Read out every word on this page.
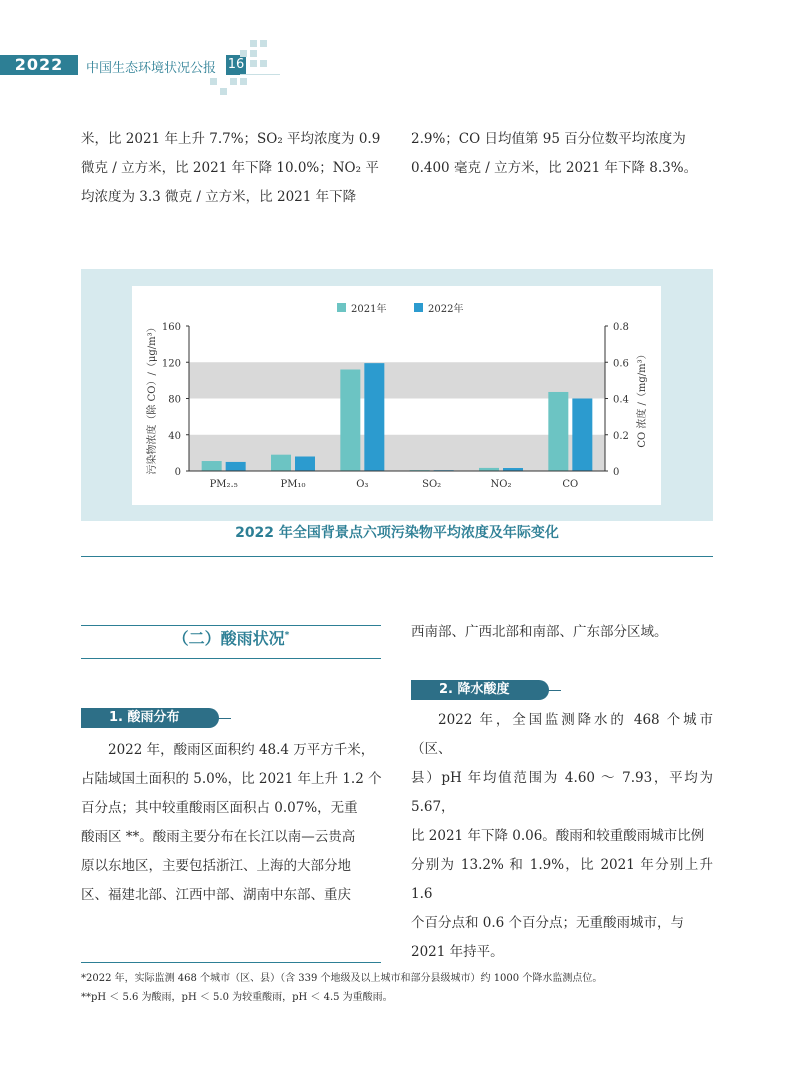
2022	中国生态环境状况公报 16

米，比 2021 年上升 7.7%；SO₂ 平均浓度为 0.9

微克 / 立方米，比 2021 年下降 10.0%；NO₂ 平

均浓度为 3.3 微克 / 立方米，比 2021 年下降

2.9%；CO 日均值第 95 百分位数平均浓度为

0.400 毫克 / 立方米，比 2021 年下降 8.3%。

0
40
80
120
160
0
0.2
0.4
0.6
0.8
污染物浓度（除 CO）/（μg/m³）	CO 浓度 /（mg/m³）
PM₂.₅	PM₁₀	O₃	SO₂	NO₂	CO
2021年	2022年
2022 年全国背景点六项污染物平均浓度及年际变化
（二）酸雨状况*
1. 酸雨分布

2022 年，酸雨区面积约 48.4 万平方千米，

占陆域国土面积的 5.0%，比 2021 年上升 1.2 个

百分点；其中较重酸雨区面积占 0.07%，无重

酸雨区 **。酸雨主要分布在长江以南—云贵高

原以东地区，主要包括浙江、上海的大部分地

区、福建北部、江西中部、湖南中东部、重庆

西南部、广西北部和南部、广东部分区域。

2. 降水酸度

2022 年，全国监测降水的 468 个城市（区、

县）pH 年均值范围为 4.60 ～ 7.93，平均为 5.67，

比 2021 年下降 0.06。酸雨和较重酸雨城市比例

分别为 13.2% 和 1.9%，比 2021 年分别上升 1.6

个百分点和 0.6 个百分点；无重酸雨城市，与

2021 年持平。

*2022 年，实际监测 468 个城市（区、县）（含 339 个地级及以上城市和部分县级城市）约 1000 个降水监测点位。
**pH ＜ 5.6 为酸雨，pH ＜ 5.0 为较重酸雨，pH ＜ 4.5 为重酸雨。
